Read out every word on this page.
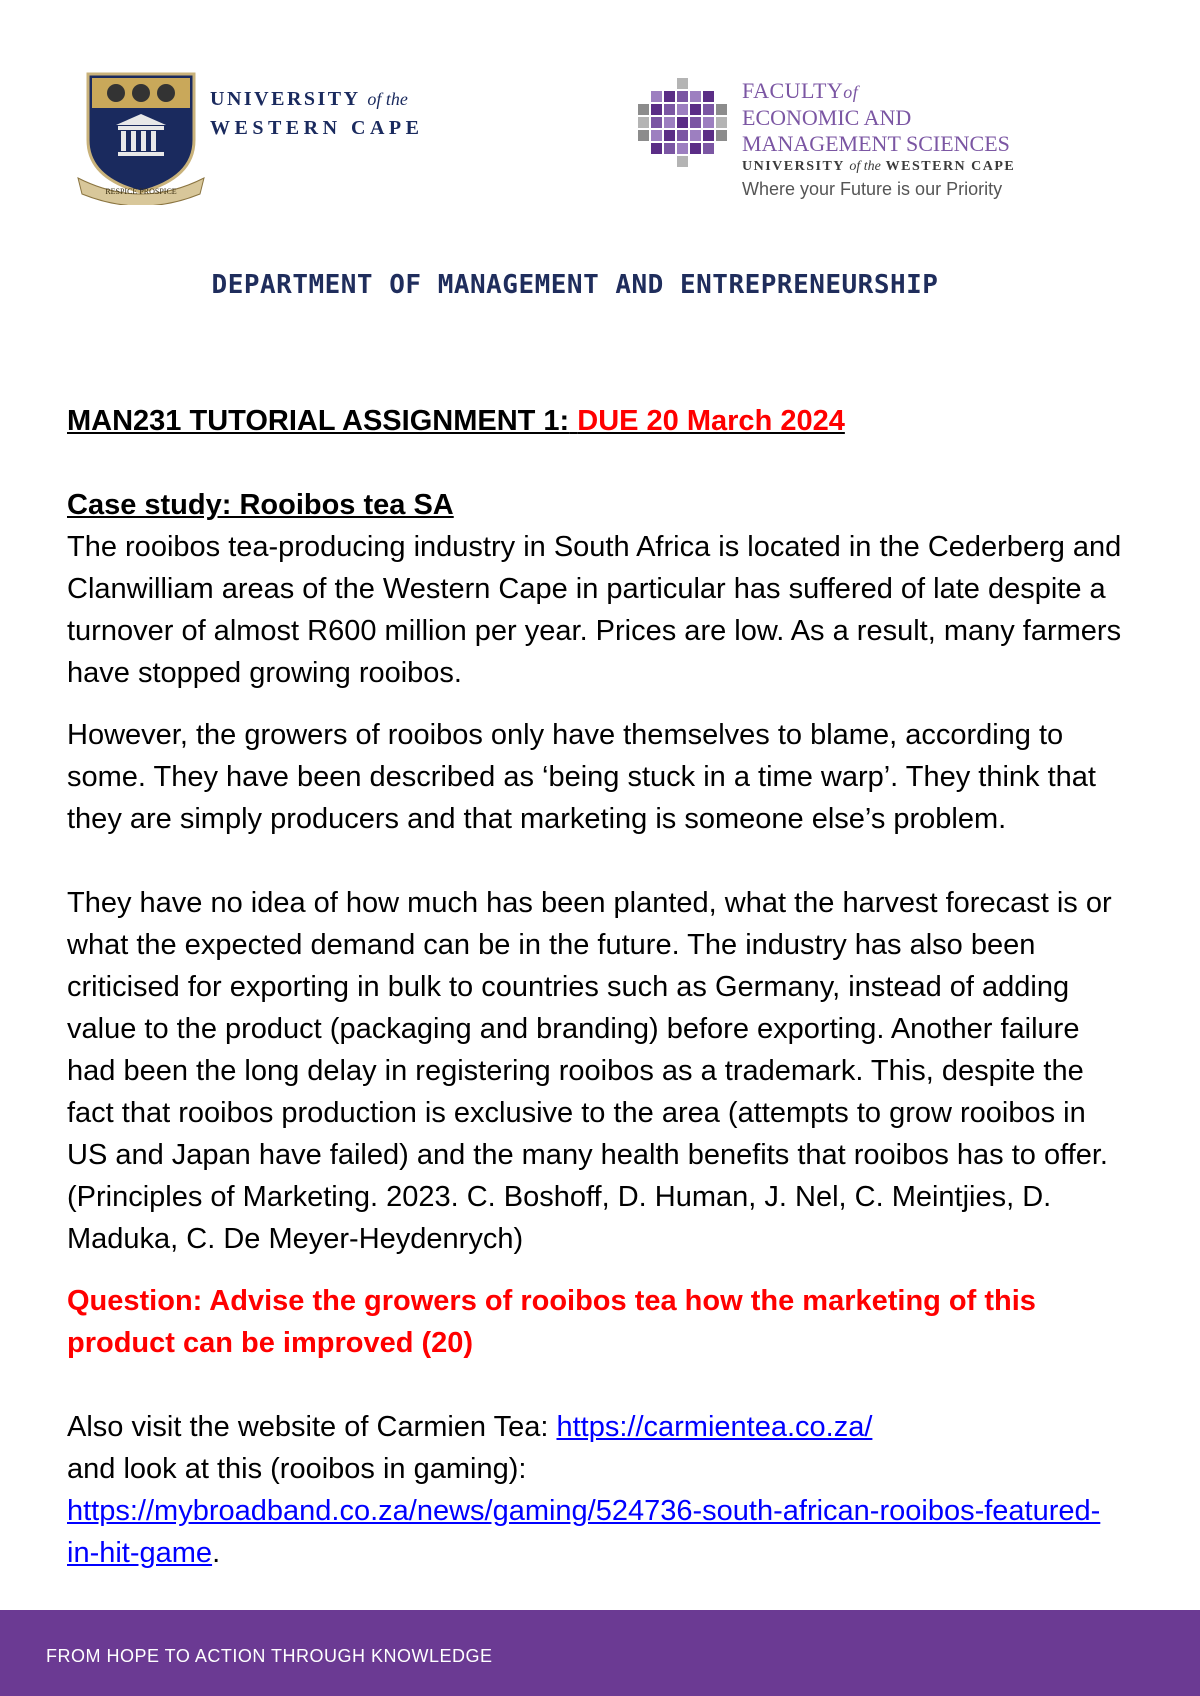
RESPICE PROSPICE
UNIVERSITY of the
WESTERN CAPE
FACULTYof
ECONOMIC AND
MANAGEMENT SCIENCES
UNIVERSITY of the WESTERN CAPE
Where your Future is our Priority
DEPARTMENT OF MANAGEMENT AND ENTREPRENEURSHIP

MAN231 TUTORIAL ASSIGNMENT 1: DUE 20 March 2024

Case study: Rooibos tea SA

The rooibos tea-producing industry in South Africa is located in the Cederberg and Clanwilliam areas of the Western Cape in particular has suffered of late despite a turnover of almost R600 million per year. Prices are low. As a result, many farmers have stopped growing rooibos.

However, the growers of rooibos only have themselves to blame, according to some. They have been described as ‘being stuck in a time warp’. They think that they are simply producers and that marketing is someone else’s problem.

They have no idea of how much has been planted, what the harvest forecast is or what the expected demand can be in the future. The industry has also been criticised for exporting in bulk to countries such as Germany, instead of adding value to the product (packaging and branding) before exporting. Another failure had been the long delay in registering rooibos as a trademark. This, despite the fact that rooibos production is exclusive to the area (attempts to grow rooibos in US and Japan have failed) and the many health benefits that rooibos has to offer. (Principles of Marketing. 2023. C. Boshoff, D. Human, J. Nel, C. Meintjies, D. Maduka, C. De Meyer-Heydenrych)

Question: Advise the growers of rooibos tea how the marketing of this product can be improved (20)

Also visit the website of Carmien Tea: https://carmientea.co.za/

and look at this (rooibos in gaming):

https://mybroadband.co.za/news/gaming/524736-south-african-rooibos-featured-in-hit-game.

FROM HOPE TO ACTION THROUGH KNOWLEDGE
